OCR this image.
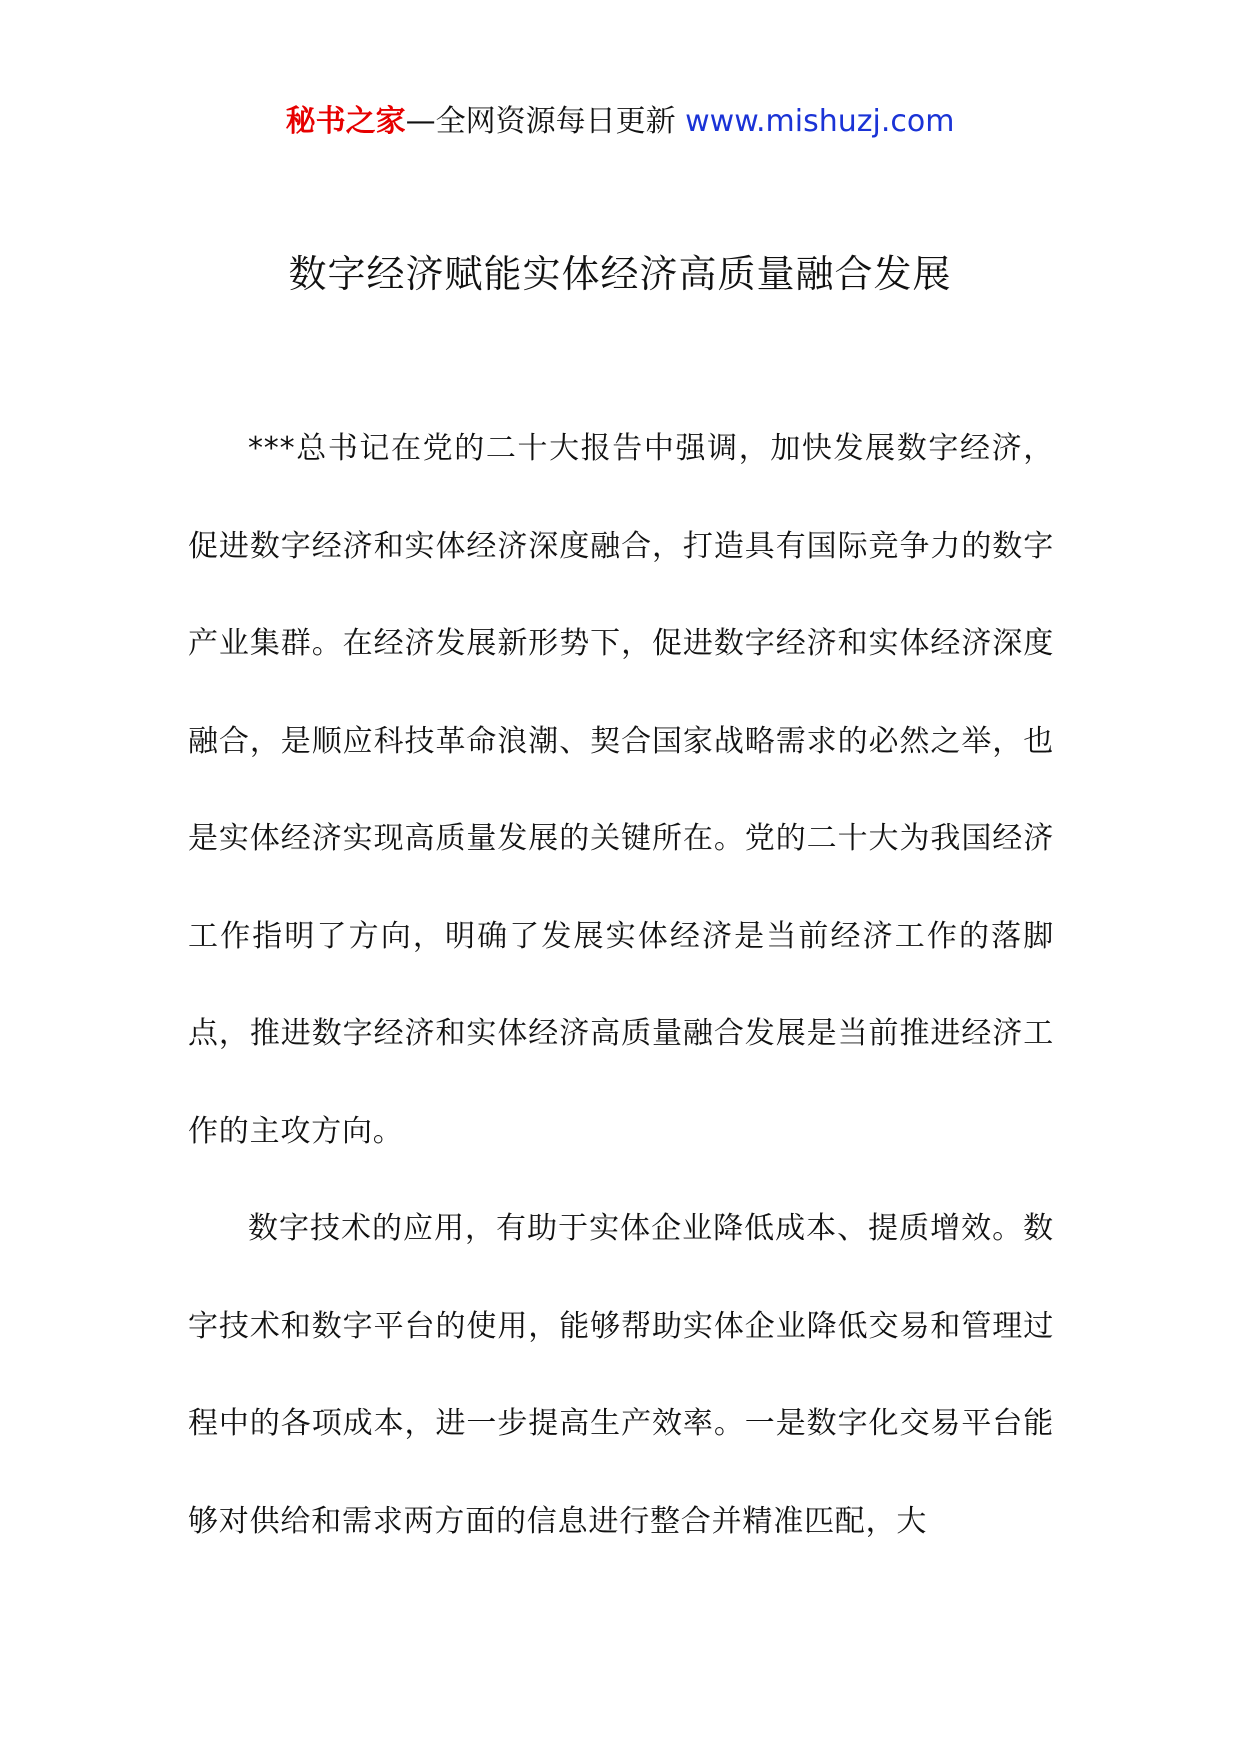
秘书之家—全网资源每日更新 www.mishuzj.com
数字经济赋能实体经济高质量融合发展

***总书记在党的二十大报告中强调，加快发展数字经济，促进数字经济和实体经济深度融合，打造具有国际竞争力的数字产业集群。在经济发展新形势下，促进数字经济和实体经济深度融合，是顺应科技革命浪潮、契合国家战略需求的必然之举，也是实体经济实现高质量发展的关键所在。党的二十大为我国经济工作指明了方向，明确了发展实体经济是当前经济工作的落脚点，推进数字经济和实体经济高质量融合发展是当前推进经济工作的主攻方向。

数字技术的应用，有助于实体企业降低成本、提质增效。数字技术和数字平台的使用，能够帮助实体企业降低交易和管理过程中的各项成本，进一步提高生产效率。一是数字化交易平台能够对供给和需求两方面的信息进行整合并精准匹配，大
